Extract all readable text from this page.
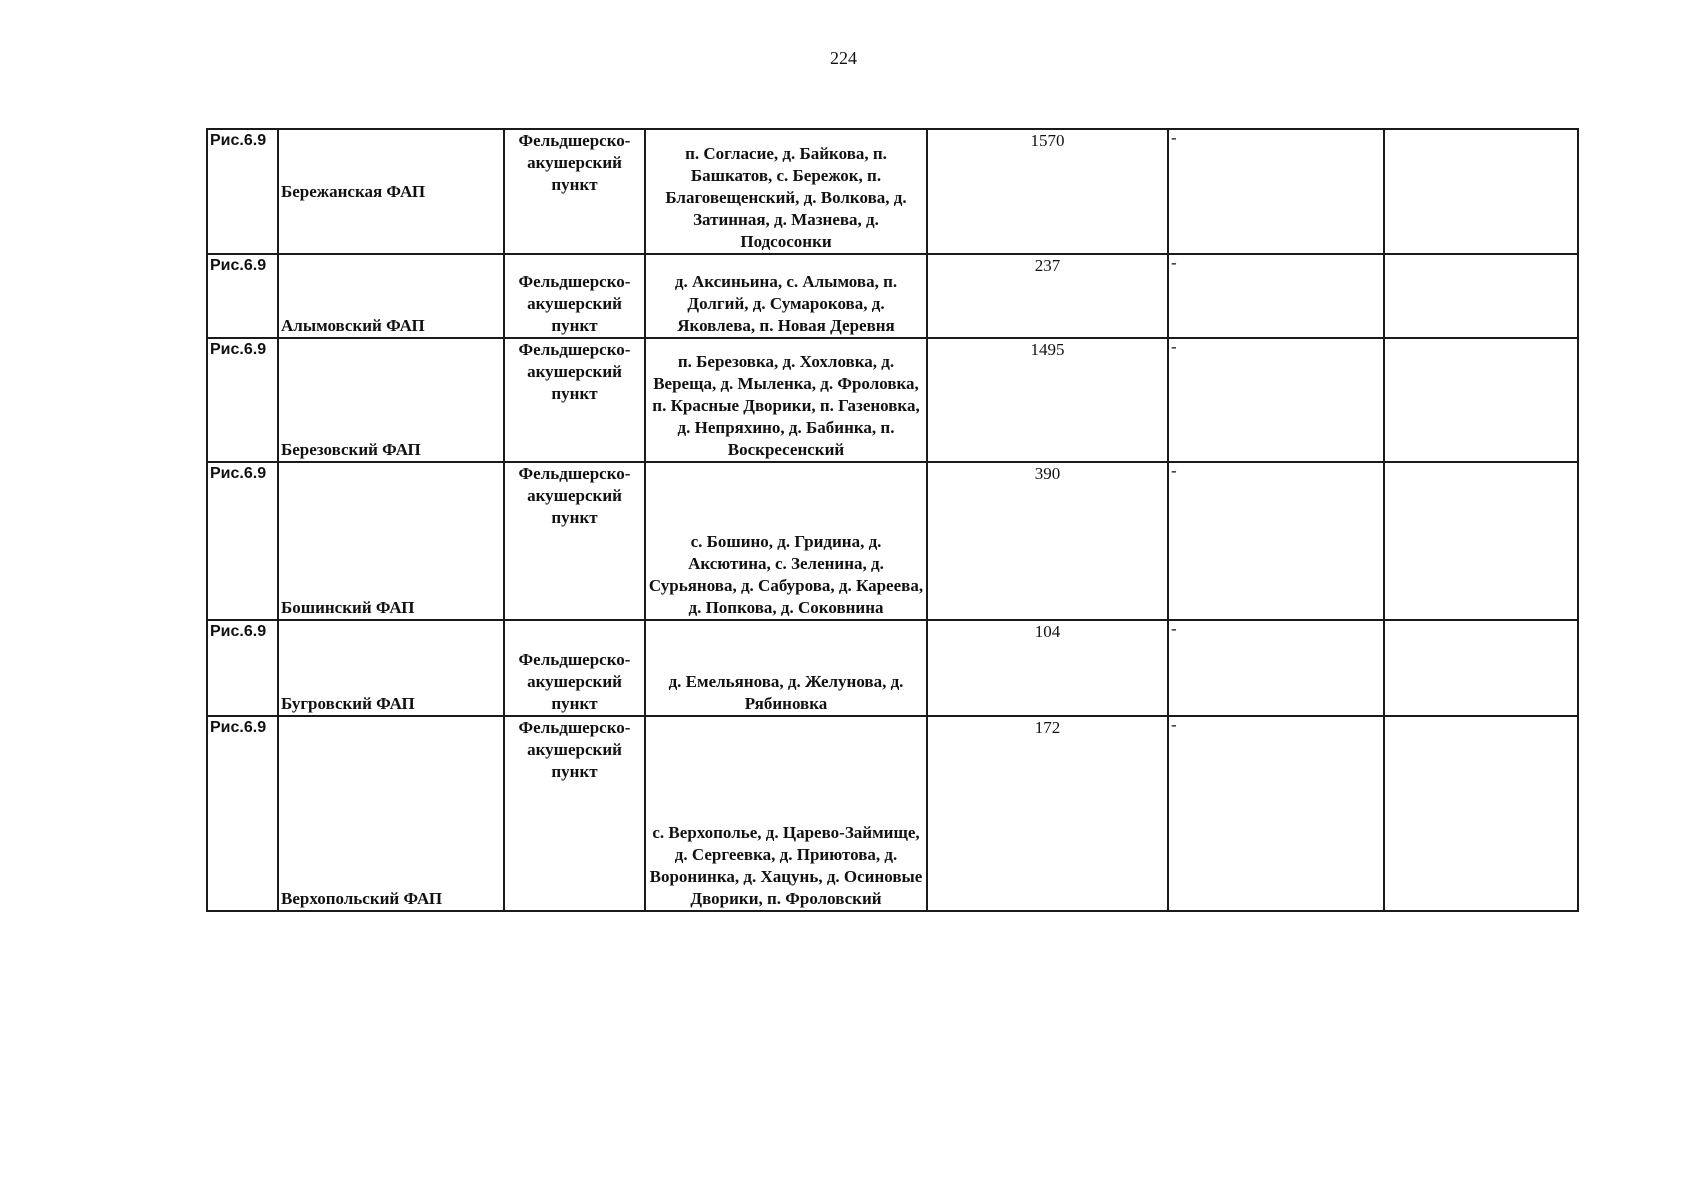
224
Рис.6.9	Бережанская ФАП	Фельдшерско-акушерский пункт	п. Согласие, д. Байкова, п. Башкатов, с. Бережок, п. Благовещенский, д. Волкова, д. Затинная, д. Мазнева, д. Подсосонки	1570	-	
Рис.6.9	Алымовский ФАП	Фельдшерско-акушерский пункт	д. Аксиньина, с. Алымова, п. Долгий, д. Сумарокова, д. Яковлева, п. Новая Деревня	237	-	
Рис.6.9	Березовский ФАП	Фельдшерско-акушерский пункт	п. Березовка, д. Хохловка, д. Вереща, д. Мыленка, д. Фроловка, п. Красные Дворики, п. Газеновка, д. Непряхино, д. Бабинка, п. Воскресенский	1495	-	
Рис.6.9	Бошинский ФАП	Фельдшерско-акушерский пункт	с. Бошино, д. Гридина, д. Аксютина, с. Зеленина, д. Сурьянова, д. Сабурова, д. Кареева, д. Попкова, д. Соковнина	390	-	
Рис.6.9	Бугровский ФАП	Фельдшерско-акушерский пункт	д. Емельянова, д. Желунова, д. Рябиновка	104	-	
Рис.6.9	Верхопольский ФАП	Фельдшерско-акушерский пункт	с. Верхополье, д. Царево-Займище, д. Сергеевка, д. Приютова, д. Воронинка, д. Хацунь, д. Осиновые Дворики, п. Фроловский	172	-	
